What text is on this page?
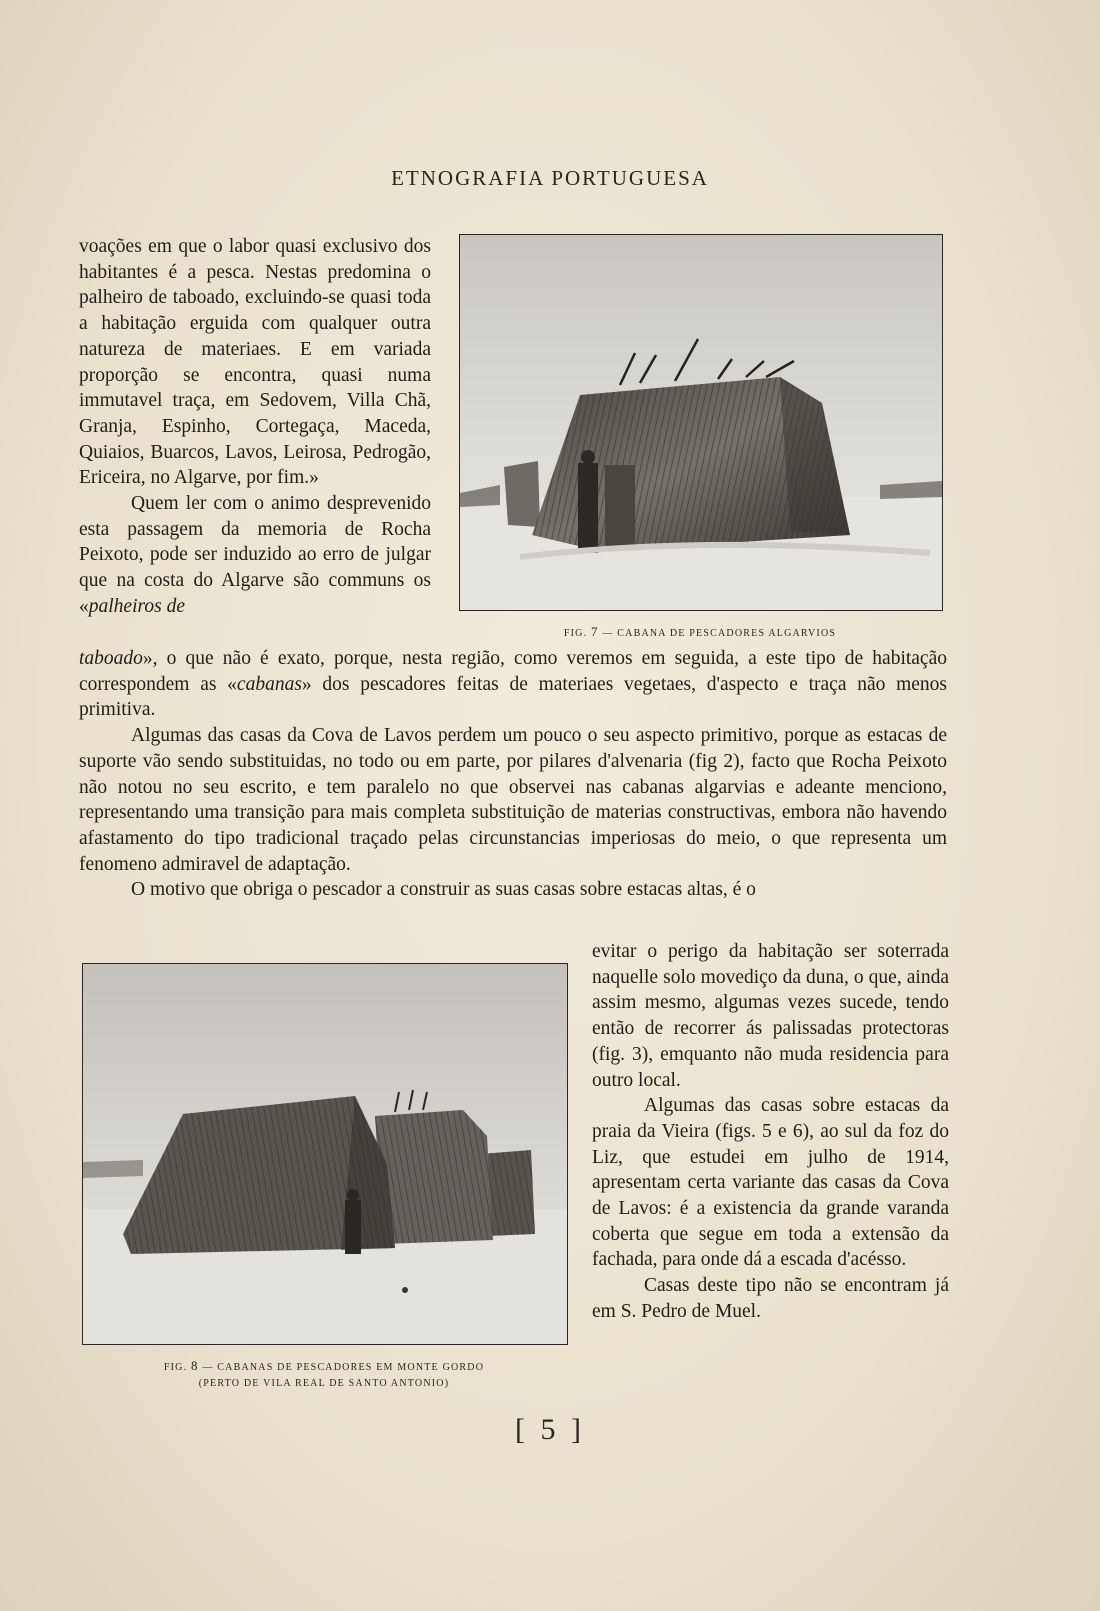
ETNOGRAFIA PORTUGUESA

voações em que o labor quasi exclusivo dos habitantes é a pesca. Nestas predomina o palheiro de taboado, excluindo-se quasi toda a habitação erguida com qualquer outra natureza de materiaes. E em variada proporção se encontra, quasi numa immutavel traça, em Sedovem, Villa Chã, Granja, Espinho, Cortegaça, Maceda, Quiaios, Buarcos, Lavos, Leirosa, Pedrogão, Ericeira, no Algarve, por fim.»

Quem ler com o animo desprevenido esta passagem da memoria de Rocha Peixoto, pode ser induzido ao erro de julgar que na costa do Algarve são communs os «palheiros de

FIG. 7 — CABANA DE PESCADORES ALGARVIOS

taboado», o que não é exato, porque, nesta região, como veremos em seguida, a este tipo de habitação correspondem as «cabanas» dos pescadores feitas de materiaes vegetaes, d'aspecto e traça não menos primitiva.

Algumas das casas da Cova de Lavos perdem um pouco o seu aspecto primitivo, porque as estacas de suporte vão sendo substituidas, no todo ou em parte, por pilares d'alvenaria (fig 2), facto que Rocha Peixoto não notou no seu escrito, e tem paralelo no que observei nas cabanas algarvias e adeante menciono, representando uma transição para mais completa substituição de materias constructivas, embora não havendo afastamento do tipo tradicional traçado pelas circunstancias imperiosas do meio, o que representa um fenomeno admiravel de adaptação.

O motivo que obriga o pescador a construir as suas casas sobre estacas altas, é o

FIG. 8 — CABANAS DE PESCADORES EM MONTE GORDO
(PERTO DE VILA REAL DE SANTO ANTONIO)

evitar o perigo da habitação ser soterrada naquelle solo movediço da duna, o que, ainda assim mesmo, algumas vezes sucede, tendo então de recorrer ás palissadas protectoras (fig. 3), emquanto não muda residencia para outro local.

Algumas das casas sobre estacas da praia da Vieira (figs. 5 e 6), ao sul da foz do Liz, que estudei em julho de 1914, apresentam certa variante das casas da Cova de Lavos: é a existencia da grande varanda coberta que segue em toda a extensão da fachada, para onde dá a escada d'acésso.

Casas deste tipo não se encontram já em S. Pedro de Muel.

[ 5 ]
